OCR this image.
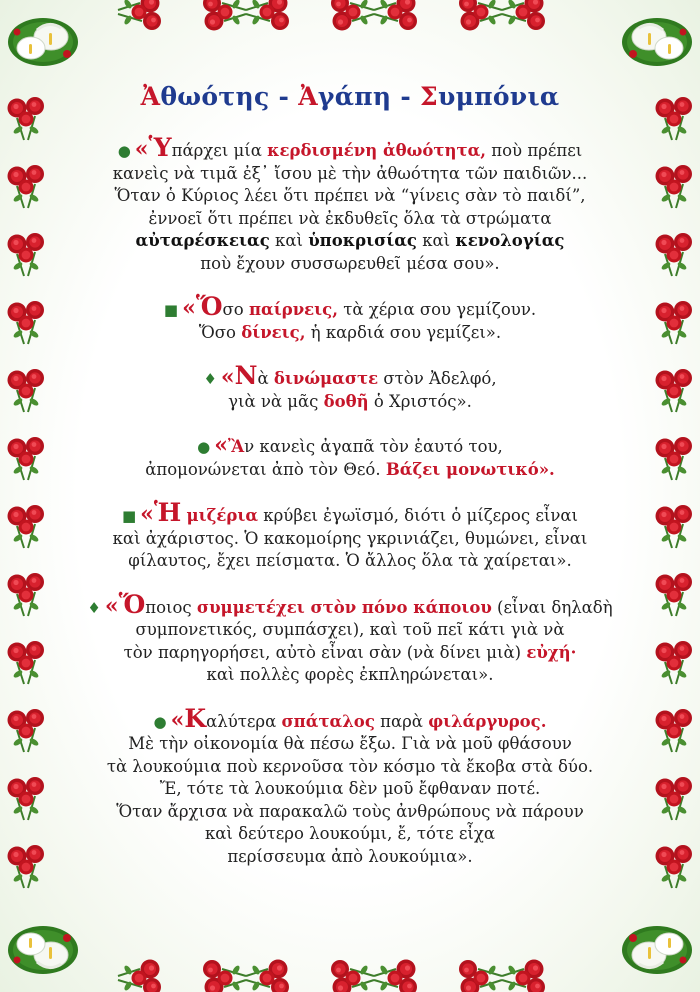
Ἀθωότης - Ἀγάπη - Συμπόνια
● «Ὑπάρχει μία κερδισμένη ἀθωότητα, ποὺ πρέπει
κανεὶς νὰ τιμᾶ ἐξ᾽ ἴσου μὲ τὴν ἀθωότητα τῶν παιδιῶν...
Ὅταν ὁ Κύριος λέει ὅτι πρέπει νὰ “γίνεις σὰν τὸ παιδί”,
ἐννοεῖ ὅτι πρέπει νὰ ἐκδυθεῖς ὅλα τὰ στρώματα
αὐταρέσκειας καὶ ὑποκρισίας καὶ κενολογίας
ποὺ ἔχουν συσσωρευθεῖ μέσα σου».
■ «Ὅσο παίρνεις, τὰ χέρια σου γεμίζουν.
Ὅσο δίνεις, ἡ καρδιά σου γεμίζει».
♦ «Νὰ δινώμαστε στὸν Ἀδελφό,
γιὰ νὰ μᾶς δοθῆ ὁ Χριστός».
● «Ἂν κανεὶς ἀγαπᾶ τὸν ἑαυτό του,
ἀπομονώνεται ἀπὸ τὸν Θεό. Βάζει μονωτικό».
■ «Ἡ μιζέρια κρύβει ἐγωϊσμό, διότι ὁ μίζερος εἶναι
καὶ ἀχάριστος. Ὁ κακομοίρης γκρινιάζει, θυμώνει, εἶναι
φίλαυτος, ἔχει πείσματα. Ὁ ἄλλος ὅλα τὰ χαίρεται».
♦ «Ὅποιος συμμετέχει στὸν πόνο κάποιου (εἶναι δηλαδὴ
συμπονετικός, συμπάσχει), καὶ τοῦ πεῖ κάτι γιὰ νὰ
τὸν παρηγορήσει, αὐτὸ εἶναι σὰν (νὰ δίνει μιὰ) εὐχή·
καὶ πολλὲς φορὲς ἐκπληρώνεται».
● «Καλύτερα σπάταλος παρὰ φιλάργυρος.
Μὲ τὴν οἰκονομία θὰ πέσω ἔξω. Γιὰ νὰ μοῦ φθάσουν
τὰ λουκούμια ποὺ κερνοῦσα τὸν κόσμο τὰ ἔκοβα στὰ δύο.
Ἔ, τότε τὰ λουκούμια δὲν μοῦ ἔφθαναν ποτέ.
Ὅταν ἄρχισα νὰ παρακαλῶ τοὺς ἀνθρώπους νὰ πάρουν
καὶ δεύτερο λουκούμι, ἔ, τότε εἶχα
περίσσευμα ἀπὸ λουκούμια».
